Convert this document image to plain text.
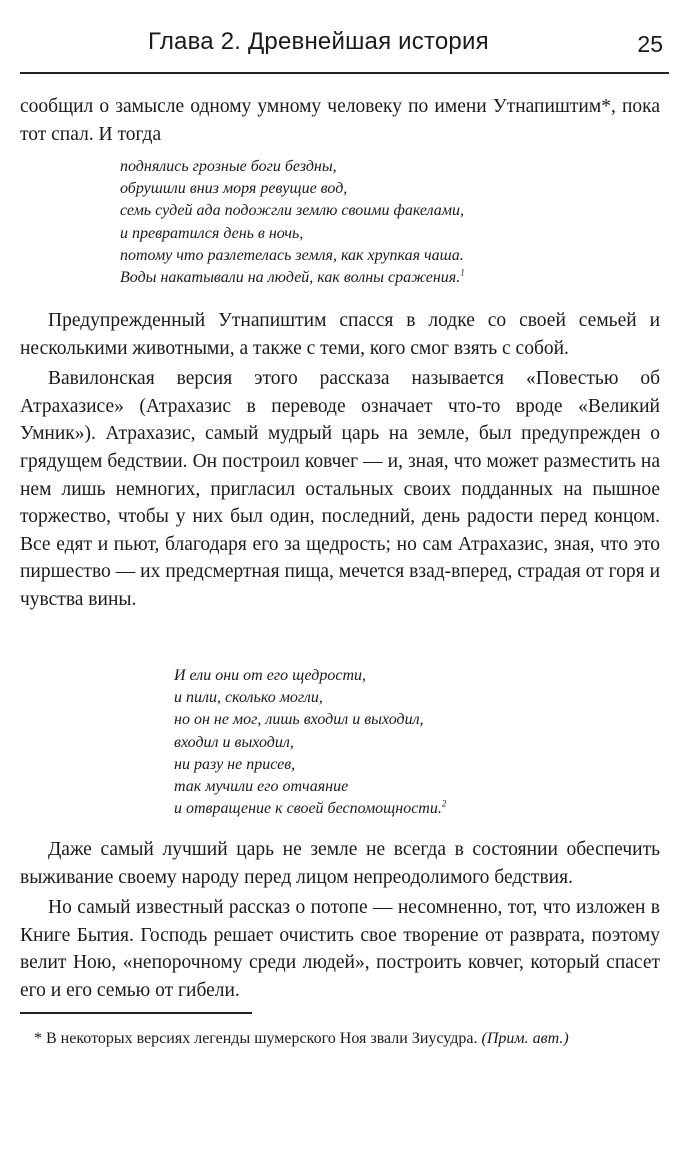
Глава 2. Древнейшая история	25

сообщил о замысле одному умному человеку по имени Утнапиштим*, пока тот спал. И тогда

поднялись грозные боги бездны,
обрушили вниз моря ревущие вод,
семь судей ада подожгли землю своими факелами,
и превратился день в ночь,
потому что разлетелась земля, как хрупкая чаша.
Воды накатывали на людей, как волны сражения.$^1$

Предупрежденный Утнапиштим спасся в лодке со своей семьей и несколькими животными, а также с теми, кого смог взять с собой.

Вавилонская версия этого рассказа называется «Повестью об Атрахазисе» (Атрахазис в переводе означает что-то вроде «Великий Умник»). Атрахазис, самый мудрый царь на земле, был предупрежден о грядущем бедствии. Он построил ковчег — и, зная, что может разместить на нем лишь немногих, пригласил остальных своих подданных на пышное торжество, чтобы у них был один, последний, день радости перед концом. Все едят и пьют, благодаря его за щедрость; но сам Атрахазис, зная, что это пиршество — их предсмертная пища, мечется взад-вперед, страдая от горя и чувства вины.

И ели они от его щедрости,
и пили, сколько могли,
но он не мог, лишь входил и выходил,
входил и выходил,
ни разу не присев,
так мучили его отчаяние
и отвращение к своей беспомощности.$^2$

Даже самый лучший царь не земле не всегда в состоянии обеспечить выживание своему народу перед лицом непреодолимого бедствия.

Но самый известный рассказ о потопе — несомненно, тот, что изложен в Книге Бытия. Господь решает очистить свое творение от разврата, поэтому велит Ною, «непорочному среди людей», построить ковчег, который спасет его и его семью от гибели.

* В некоторых версиях легенды шумерского Ноя звали Зиусудра. (Прим. авт.)
